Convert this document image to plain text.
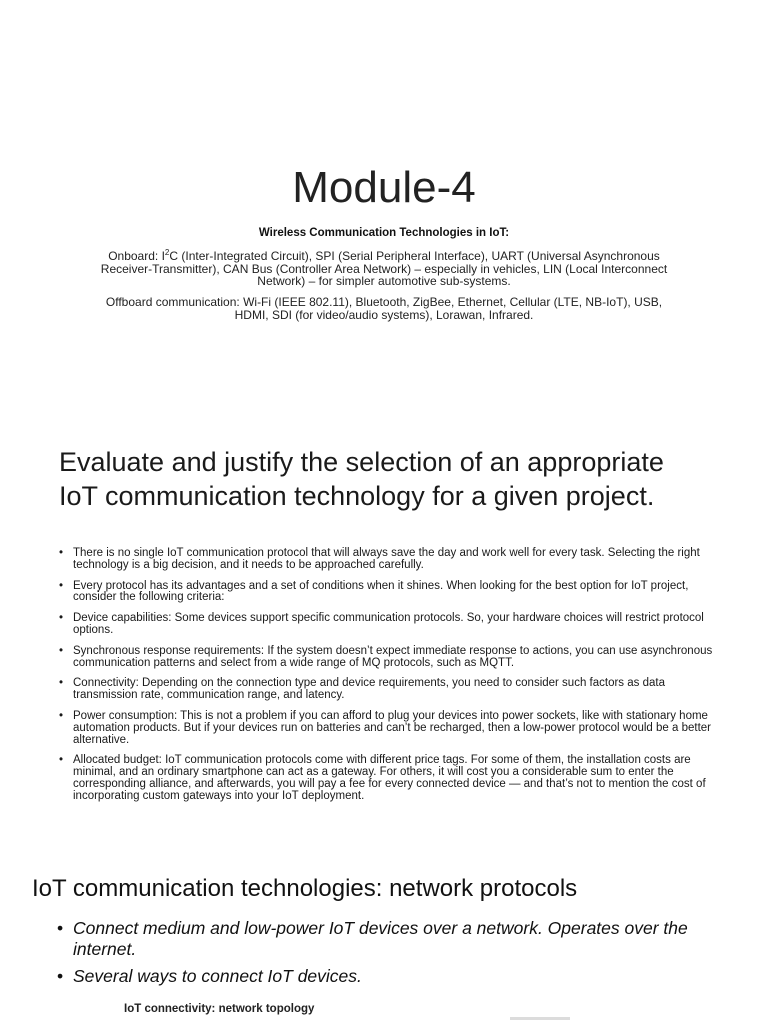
Module-4
Wireless Communication Technologies in IoT:
Onboard: $I^2C$ (Inter-Integrated Circuit), SPI (Serial Peripheral Interface), UART (Universal Asynchronous Receiver-Transmitter), CAN Bus (Controller Area Network) – especially in vehicles, LIN (Local Interconnect Network) – for simpler automotive sub-systems.
Offboard communication: Wi-Fi (IEEE 802.11), Bluetooth, ZigBee, Ethernet, Cellular (LTE, NB-IoT), USB, HDMI, SDI (for video/audio systems), Lorawan, Infrared.
Evaluate and justify the selection of an appropriate IoT communication technology for a given project.
• There is no single IoT communication protocol that will always save the day and work well for every task. Selecting the right technology is a big decision, and it needs to be approached carefully.
• Every protocol has its advantages and a set of conditions when it shines. When looking for the best option for IoT project, consider the following criteria:
• Device capabilities: Some devices support specific communication protocols. So, your hardware choices will restrict protocol options.
• Synchronous response requirements: If the system doesn’t expect immediate response to actions, you can use asynchronous communication patterns and select from a wide range of MQ protocols, such as MQTT.
• Connectivity: Depending on the connection type and device requirements, you need to consider such factors as data transmission rate, communication range, and latency.
• Power consumption: This is not a problem if you can afford to plug your devices into power sockets, like with stationary home automation products. But if your devices run on batteries and can’t be recharged, then a low-power protocol would be a better alternative.
• Allocated budget: IoT communication protocols come with different price tags. For some of them, the installation costs are minimal, and an ordinary smartphone can act as a gateway. For others, it will cost you a considerable sum to enter the corresponding alliance, and afterwards, you will pay a fee for every connected device — and that’s not to mention the cost of incorporating custom gateways into your IoT deployment.
IoT communication technologies: network protocols
• Connect medium and low-power IoT devices over a network. Operates over the internet.
• Several ways to connect IoT devices.
IoT connectivity: network topology
